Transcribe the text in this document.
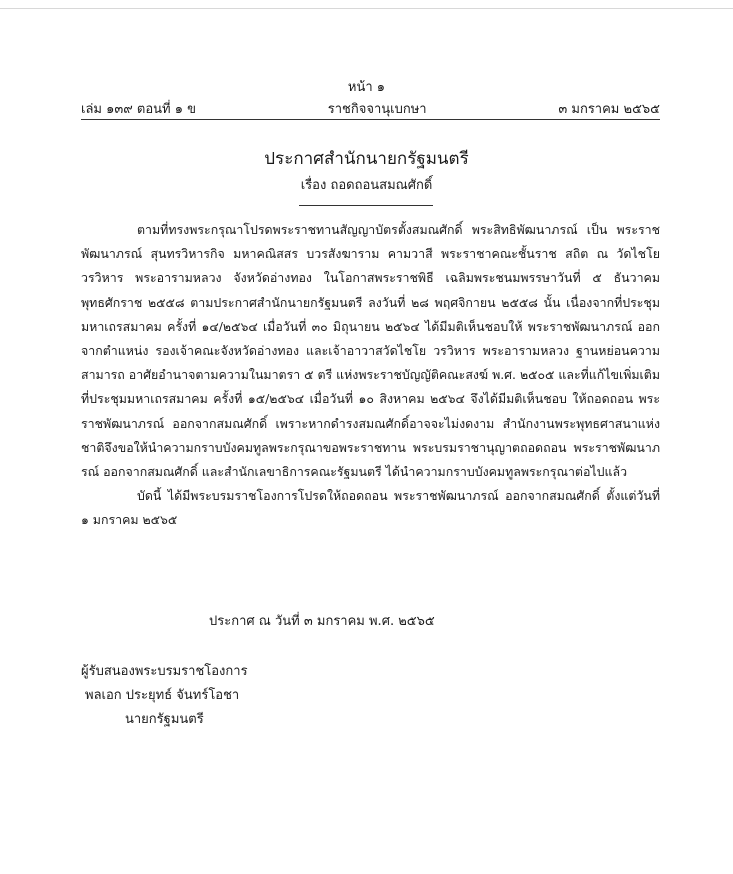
หน้า ๑
เล่ม ๑๓๙ ตอนที่ ๑ ข	ราชกิจจานุเบกษา	๓ มกราคม ๒๕๖๕
ประกาศสำนักนายกรัฐมนตรี
เรื่อง ถอดถอนสมณศักดิ์

ตามที่ทรงพระกรุณาโปรดพระราชทานสัญญาบัตรตั้งสมณศักดิ์ พระสิทธิพัฒนาภรณ์ เป็น พระราชพัฒนาภรณ์ สุนทรวิหารกิจ มหาคณิสสร บวรสังฆาราม คามวาสี พระราชาคณะชั้นราช สถิต ณ วัดไชโย วรวิหาร พระอารามหลวง จังหวัดอ่างทอง ในโอกาสพระราชพิธี เฉลิมพระชนมพรรษาวันที่ ๕ ธันวาคม พุทธศักราช ๒๕๕๘ ตามประกาศสำนักนายกรัฐมนตรี ลงวันที่ ๒๘ พฤศจิกายน ๒๕๕๘ นั้น เนื่องจากที่ประชุมมหาเถรสมาคม ครั้งที่ ๑๔/๒๕๖๔ เมื่อวันที่ ๓๐ มิถุนายน ๒๕๖๔ ได้มีมติเห็นชอบให้ พระราชพัฒนาภรณ์ ออกจากตำแหน่ง รองเจ้าคณะจังหวัดอ่างทอง และเจ้าอาวาสวัดไชโย วรวิหาร พระอารามหลวง ฐานหย่อนความสามารถ อาศัยอำนาจตามความในมาตรา ๕ ตรี แห่งพระราชบัญญัติคณะสงฆ์ พ.ศ. ๒๕๐๕ และที่แก้ไขเพิ่มเติม ที่ประชุมมหาเถรสมาคม ครั้งที่ ๑๕/๒๕๖๔ เมื่อวันที่ ๑๐ สิงหาคม ๒๕๖๔ จึงได้มีมติเห็นชอบ ให้ถอดถอน พระราชพัฒนาภรณ์ ออกจากสมณศักดิ์ เพราะหากดำรงสมณศักดิ์อาจจะไม่งดงาม สำนักงานพระพุทธศาสนาแห่งชาติจึงขอให้นำความกราบบังคมทูลพระกรุณาขอพระราชทาน พระบรมราชานุญาตถอดถอน พระราชพัฒนาภรณ์ ออกจากสมณศักดิ์ และสำนักเลขาธิการคณะรัฐมนตรี ได้นำความกราบบังคมทูลพระกรุณาต่อไปแล้ว

บัดนี้ ได้มีพระบรมราชโองการโปรดให้ถอดถอน พระราชพัฒนาภรณ์ ออกจากสมณศักดิ์ ตั้งแต่วันที่ ๑ มกราคม ๒๕๖๕

ประกาศ ณ วันที่ ๓ มกราคม พ.ศ. ๒๕๖๕
ผู้รับสนองพระบรมราชโองการ
พลเอก ประยุทธ์ จันทร์โอชา
นายกรัฐมนตรี
